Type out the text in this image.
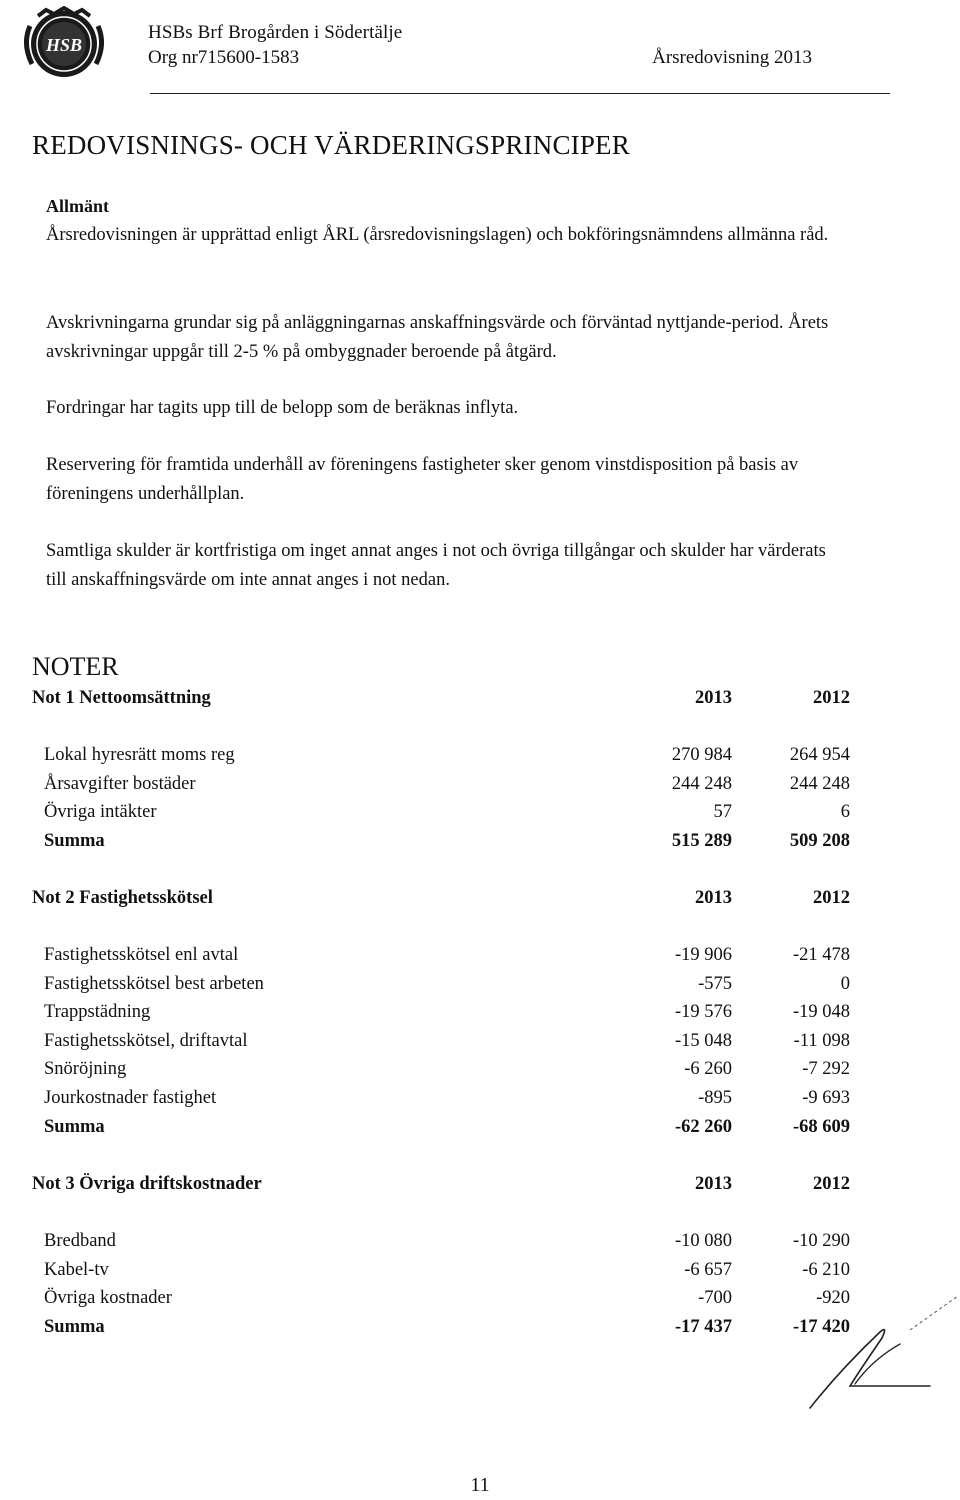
HSB
HSBs Brf Brogården i Södertälje
Org nr715600-1583	Årsredovisning 2013
REDOVISNINGS- OCH VÄRDERINGSPRINCIPER
Allmänt
Årsredovisningen är upprättad enligt ÅRL (årsredovisningslagen) och bokföringsnämndens allmänna råd.
Avskrivningarna grundar sig på anläggningarnas anskaffningsvärde och förväntad nyttjande-period. Årets avskrivningar uppgår till 2-5 % på ombyggnader beroende på åtgärd.
Fordringar har tagits upp till de belopp som de beräknas inflyta.
Reservering för framtida underhåll av föreningens fastigheter sker genom vinstdisposition på basis av föreningens underhållplan.
Samtliga skulder är kortfristiga om inget annat anges i not och övriga tillgångar och skulder har värderats till anskaffningsvärde om inte annat anges i not nedan.
NOTER
Not 1 Nettoomsättning	2013	2012
Lokal hyresrätt moms reg	270 984	264 954
Årsavgifter bostäder	244 248	244 248
Övriga intäkter	57	6
Summa	515 289	509 208
Not 2 Fastighetsskötsel	2013	2012
Fastighetsskötsel enl avtal	-19 906	-21 478
Fastighetsskötsel best arbeten	-575	0
Trappstädning	-19 576	-19 048
Fastighetsskötsel, driftavtal	-15 048	-11 098
Snöröjning	-6 260	-7 292
Jourkostnader fastighet	-895	-9 693
Summa	-62 260	-68 609
Not 3 Övriga driftskostnader	2013	2012
Bredband	-10 080	-10 290
Kabel-tv	-6 657	-6 210
Övriga kostnader	-700	-920
Summa	-17 437	-17 420
11
